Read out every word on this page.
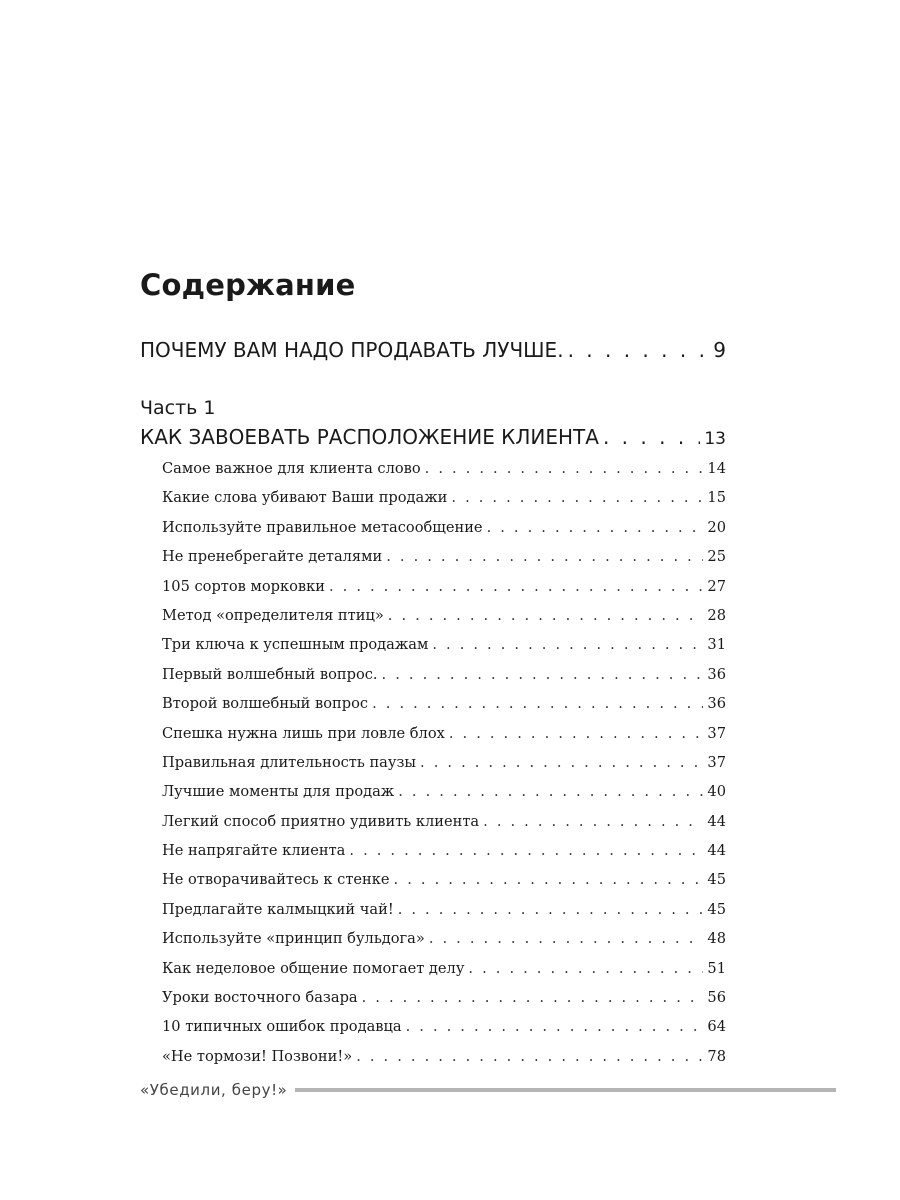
Содержание
ПОЧЕМУ ВАМ НАДО ПРОДАВАТЬ ЛУЧШЕ. . . .	9
Часть 1
КАК ЗАВОЕВАТЬ РАСПОЛОЖЕНИЕ КЛИЕНТА . . .	13
Самое важное для клиента слово . . .	14
Какие слова убивают Ваши продажи . . .	15
Используйте правильное метасообщение . . .	20
Не пренебрегайте деталями . . .	25
105 сортов морковки . . .	27
Метод «определителя птиц» . . .	28
Три ключа к успешным продажам . . .	31
Первый волшебный вопрос. . . .	36
Второй волшебный вопрос . . .	36
Спешка нужна лишь при ловле блох . . .	37
Правильная длительность паузы . . .	37
Лучшие моменты для продаж . . .	40
Легкий способ приятно удивить клиента . . .	44
Не напрягайте клиента . . .	44
Не отворачивайтесь к стенке . . .	45
Предлагайте калмыцкий чай! . . .	45
Используйте «принцип бульдога» . . .	48
Как неделовое общение помогает делу . . .	51
Уроки восточного базара . . .	56
10 типичных ошибок продавца . . .	64
«Не тормози! Позвони!» . . .	78
«Убедили, беру!»
